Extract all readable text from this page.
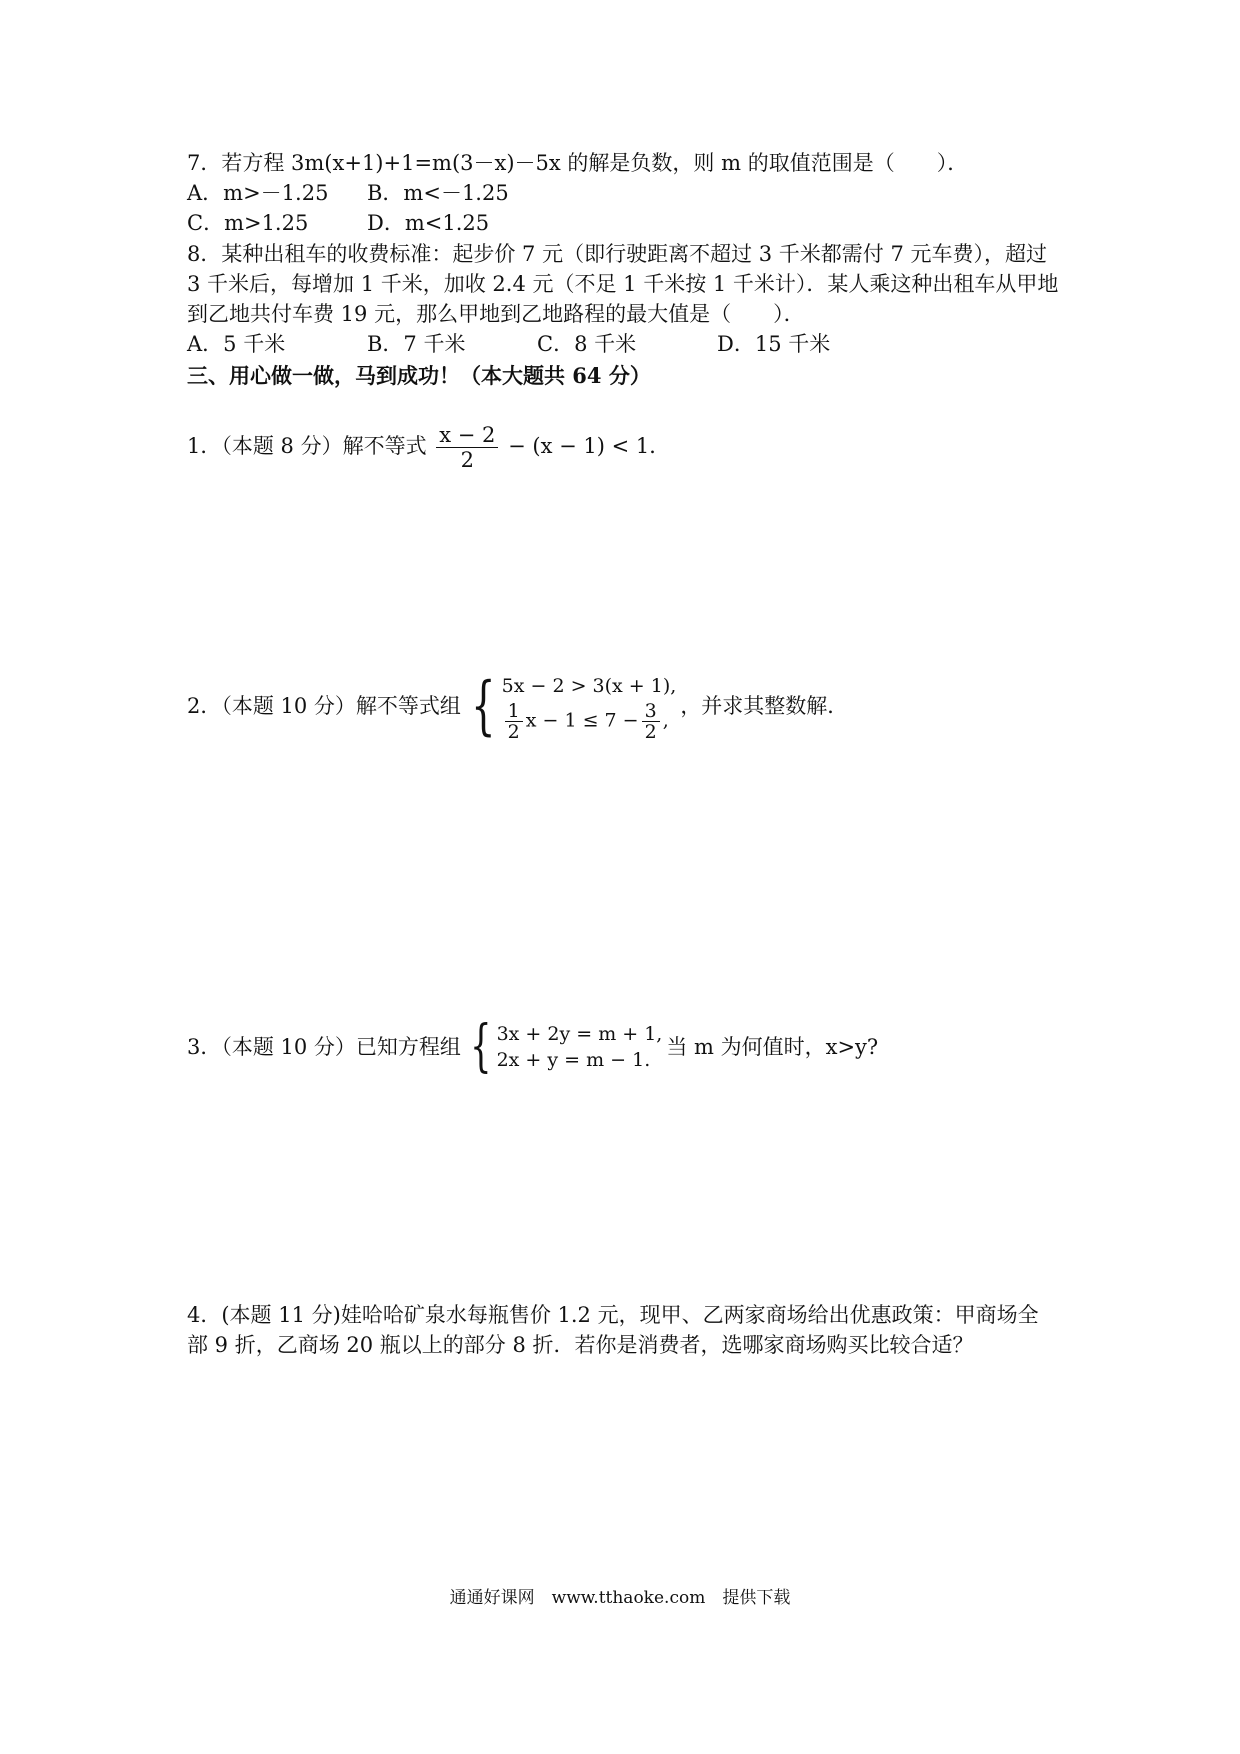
7．若方程 3m(x+1)+1=m(3－x)－5x 的解是负数，则 m 的取值范围是（　　）．
A．m>－1.25 B．m<－1.25
C．m>1.25	D．m<1.25
8．某种出租车的收费标准：起步价 7 元（即行驶距离不超过 3 千米都需付 7 元车费），超过
3 千米后，每增加 1 千米，加收 2.4 元（不足 1 千米按 1 千米计）．某人乘这种出租车从甲地
到乙地共付车费 19 元，那么甲地到乙地路程的最大值是（　　）．
A．5 千米	B．7 千米	C．8 千米	D．15 千米
三、用心做一做，马到成功！（本大题共 64 分）
1．（本题 8 分）解不等式 $\frac{x - 2}{2} - (x - 1) < 1$．
2．（本题 10 分）解不等式组 { 5x − 2 > 3(x + 1),
$\frac{1}{2}$ $x - 1 \le 7 - \frac{3}{2}$ ,
，并求其整数解．
3．（本题 10 分）已知方程组 { 3x + 2y = m + 1,
2x + y = m − 1.
当 m 为何值时，x>y?
4．(本题 11 分)娃哈哈矿泉水每瓶售价 1.2 元，现甲、乙两家商场给出优惠政策：甲商场全
部 9 折，乙商场 20 瓶以上的部分 8 折．若你是消费者，选哪家商场购买比较合适？
通通好课网　www.tthaoke.com　提供下载
